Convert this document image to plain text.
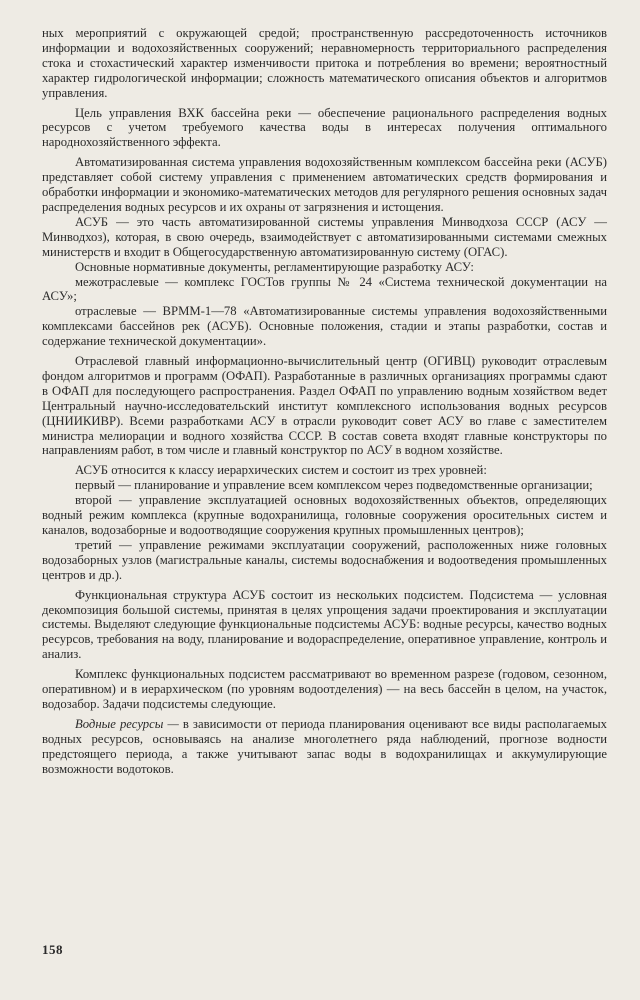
ных мероприятий с окружающей средой; пространственную рассредоточенность источников информации и водохозяйственных сооружений; неравномерность территориального распределения стока и стохастический характер изменчивости притока и потребления во времени; вероятностный характер гидрологической информации; сложность математического описания объектов и алгоритмов управления.

Цель управления ВХК бассейна реки — обеспечение рационального распределения водных ресурсов с учетом требуемого качества воды в интересах получения оптимального народнохозяйственного эффекта.

Автоматизированная система управления водохозяйственным комплексом бассейна реки (АСУБ) представляет собой систему управления с применением автоматических средств формирования и обработки информации и экономико-математических методов для регулярного решения основных задач распределения водных ресурсов и их охраны от загрязнения и истощения.

АСУБ — это часть автоматизированной системы управления Минводхоза СССР (АСУ — Минводхоз), которая, в свою очередь, взаимодействует с автоматизированными системами смежных министерств и входит в Общегосударственную автоматизированную систему (ОГАС).

Основные нормативные документы, регламентирующие разработку АСУ:

межотраслевые — комплекс ГОСТов группы № 24 «Система технической документации на АСУ»;

отраслевые — ВРММ-1—78 «Автоматизированные системы управления водохозяйственными комплексами бассейнов рек (АСУБ). Основные положения, стадии и этапы разработки, состав и содержание технической документации».

Отраслевой главный информационно-вычислительный центр (ОГИВЦ) руководит отраслевым фондом алгоритмов и программ (ОФАП). Разработанные в различных организациях программы сдают в ОФАП для последующего распространения. Раздел ОФАП по управлению водным хозяйством ведет Центральный научно-исследовательский институт комплексного использования водных ресурсов (ЦНИИКИВР). Всеми разработками АСУ в отрасли руководит совет АСУ во главе с заместителем министра мелиорации и водного хозяйства СССР. В состав совета входят главные конструкторы по направлениям работ, в том числе и главный конструктор по АСУ в водном хозяйстве.

АСУБ относится к классу иерархических систем и состоит из трех уровней:

первый — планирование и управление всем комплексом через подведомственные организации;

второй — управление эксплуатацией основных водохозяйственных объектов, определяющих водный режим комплекса (крупные водохранилища, головные сооружения оросительных систем и каналов, водозаборные и водоотводящие сооружения крупных промышленных центров);

третий — управление режимами эксплуатации сооружений, расположенных ниже головных водозаборных узлов (магистральные каналы, системы водоснабжения и водоотведения промышленных центров и др.).

Функциональная структура АСУБ состоит из нескольких подсистем. Подсистема — условная декомпозиция большой системы, принятая в целях упрощения задачи проектирования и эксплуатации системы. Выделяют следующие функциональные подсистемы АСУБ: водные ресурсы, качество водных ресурсов, требования на воду, планирование и водораспределение, оперативное управление, контроль и анализ.

Комплекс функциональных подсистем рассматривают во временном разрезе (годовом, сезонном, оперативном) и в иерархическом (по уровням водоотделения) — на весь бассейн в целом, на участок, водозабор. Задачи подсистемы следующие.

Водные ресурсы — в зависимости от периода планирования оценивают все виды располагаемых водных ресурсов, основываясь на анализе многолетнего ряда наблюдений, прогнозе водности предстоящего периода, а также учитывают запас воды в водохранилищах и аккумулирующие возможности водотоков.

158
